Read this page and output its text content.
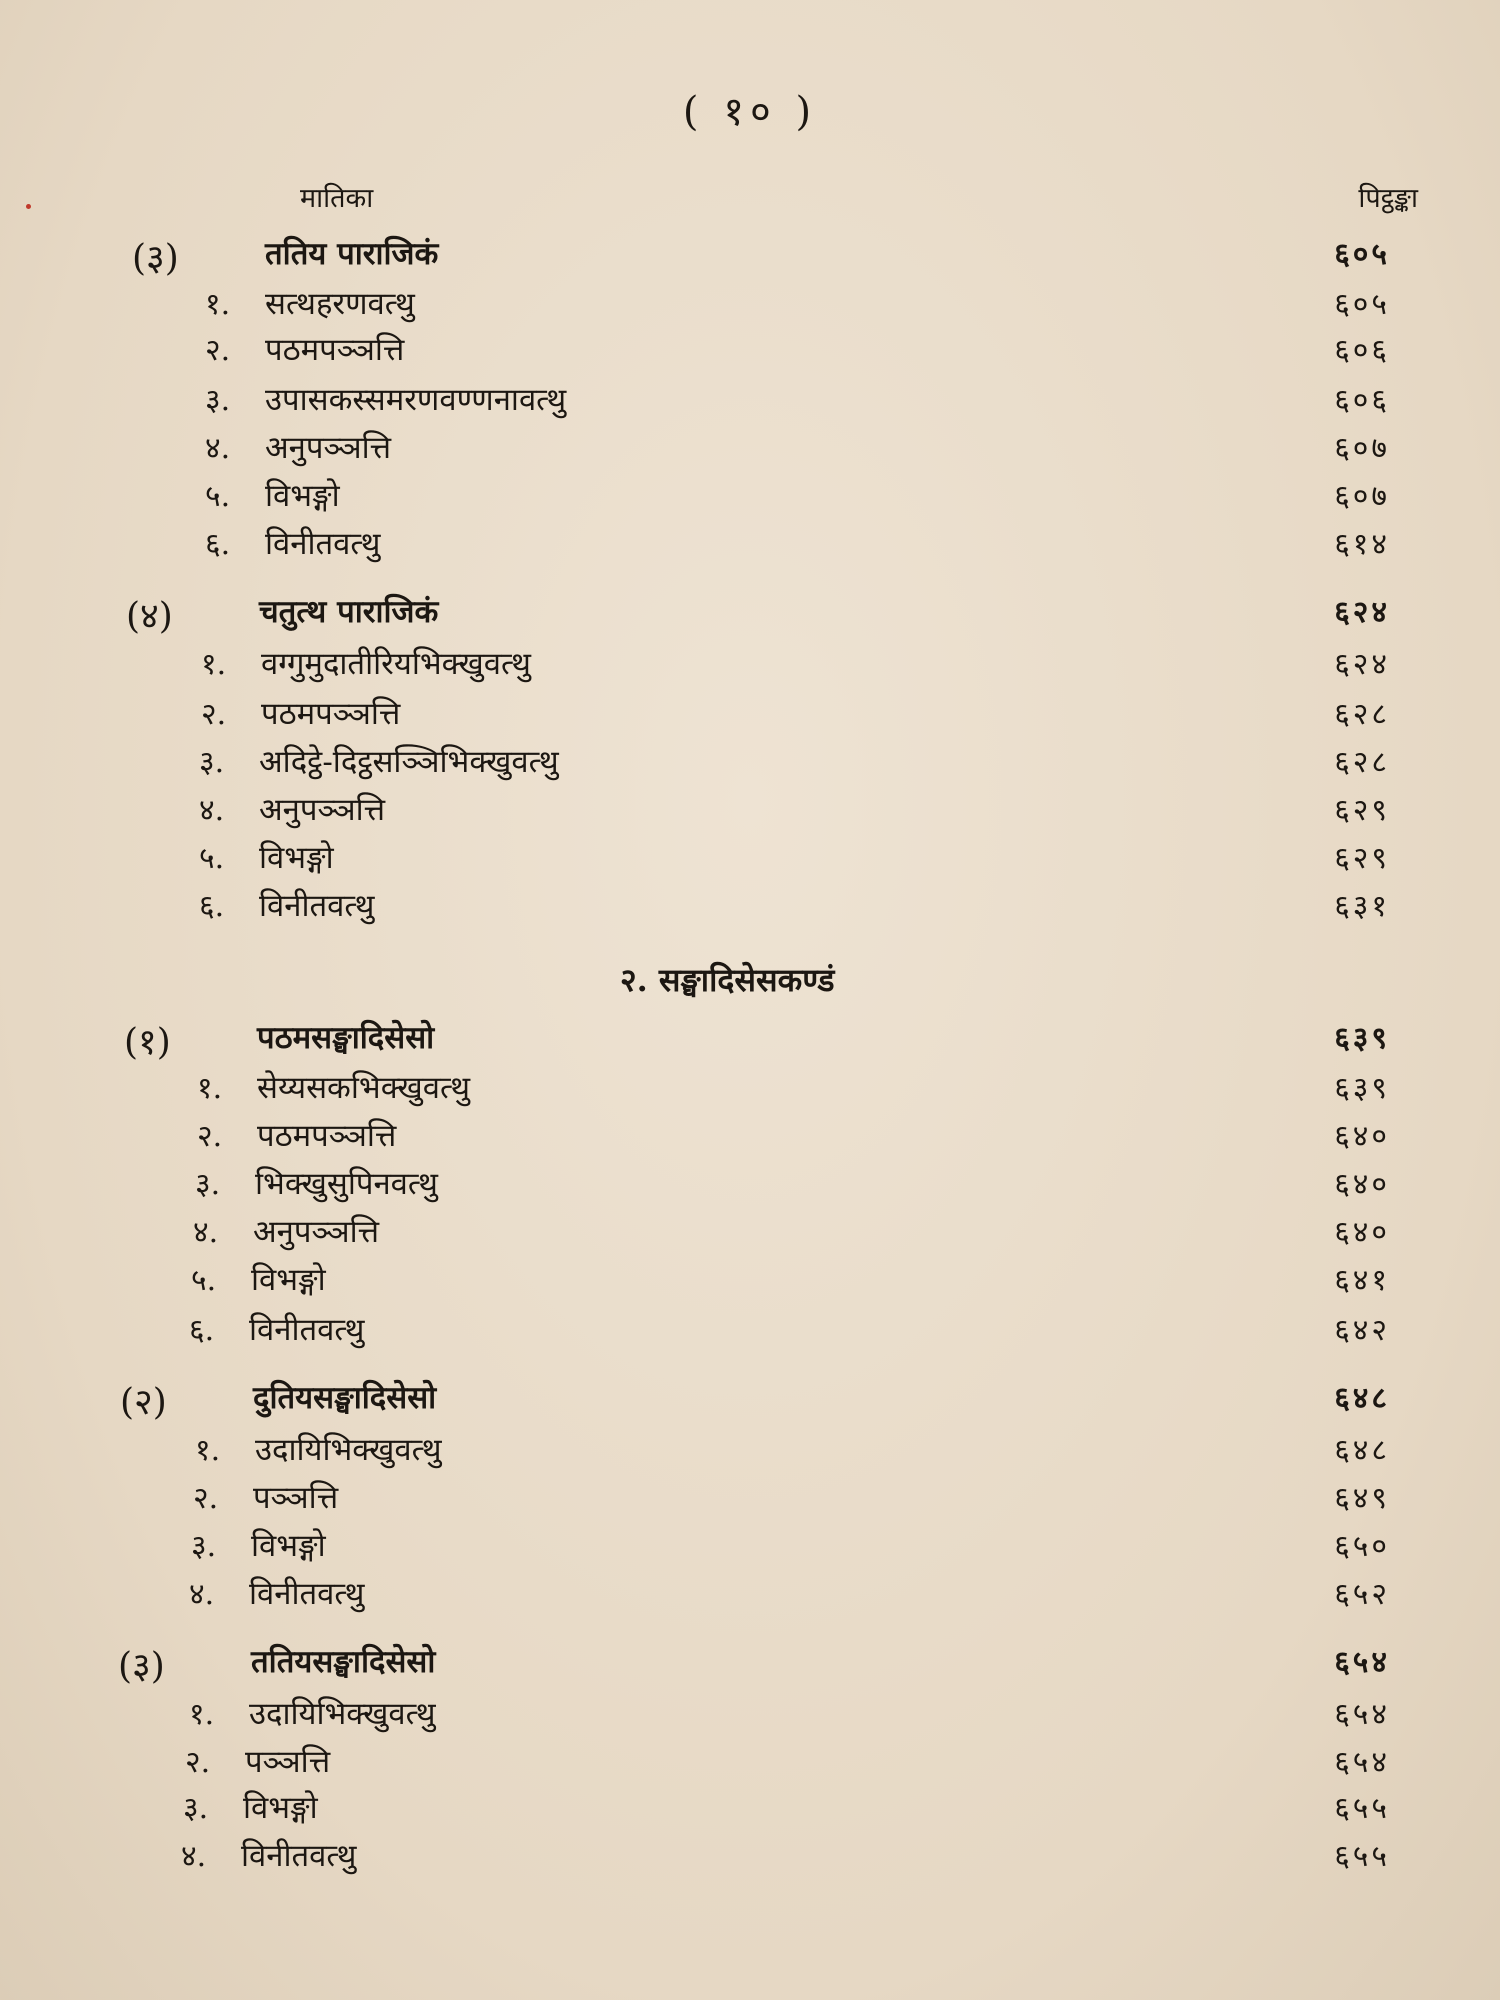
( १० )
मातिका	पिट्ठङ्का
२. सङ्घादिसेसकण्डं
(३)	ततिय पाराजिकं	६०५
१. सत्थहरणवत्थु	६०५
२. पठमपञ्ञत्ति	६०६
३. उपासकस्समरणवण्णनावत्थु	६०६
४. अनुपञ्ञत्ति	६०७
५. विभङ्गो	६०७
६. विनीतवत्थु	६१४
(४)	चतुत्थ पाराजिकं	६२४
१. वग्गुमुदातीरियभिक्खुवत्थु	६२४
२. पठमपञ्ञत्ति	६२८
३. अदिट्ठे-दिट्ठसञ्ञिभिक्खुवत्थु	६२८
४. अनुपञ्ञत्ति	६२९
५. विभङ्गो	६२९
६. विनीतवत्थु	६३१
(१)	पठमसङ्घादिसेसो	६३९
१. सेय्यसकभिक्खुवत्थु	६३९
२. पठमपञ्ञत्ति	६४०
३. भिक्खुसुपिनवत्थु	६४०
४. अनुपञ्ञत्ति	६४०
५. विभङ्गो	६४१
६. विनीतवत्थु	६४२
(२)	दुतियसङ्घादिसेसो	६४८
१. उदायिभिक्खुवत्थु	६४८
२. पञ्ञत्ति	६४९
३. विभङ्गो	६५०
४. विनीतवत्थु	६५२
(३)	ततियसङ्घादिसेसो	६५४
१. उदायिभिक्खुवत्थु	६५४
२. पञ्ञत्ति	६५४
३. विभङ्गो	६५५
४. विनीतवत्थु	६५५
